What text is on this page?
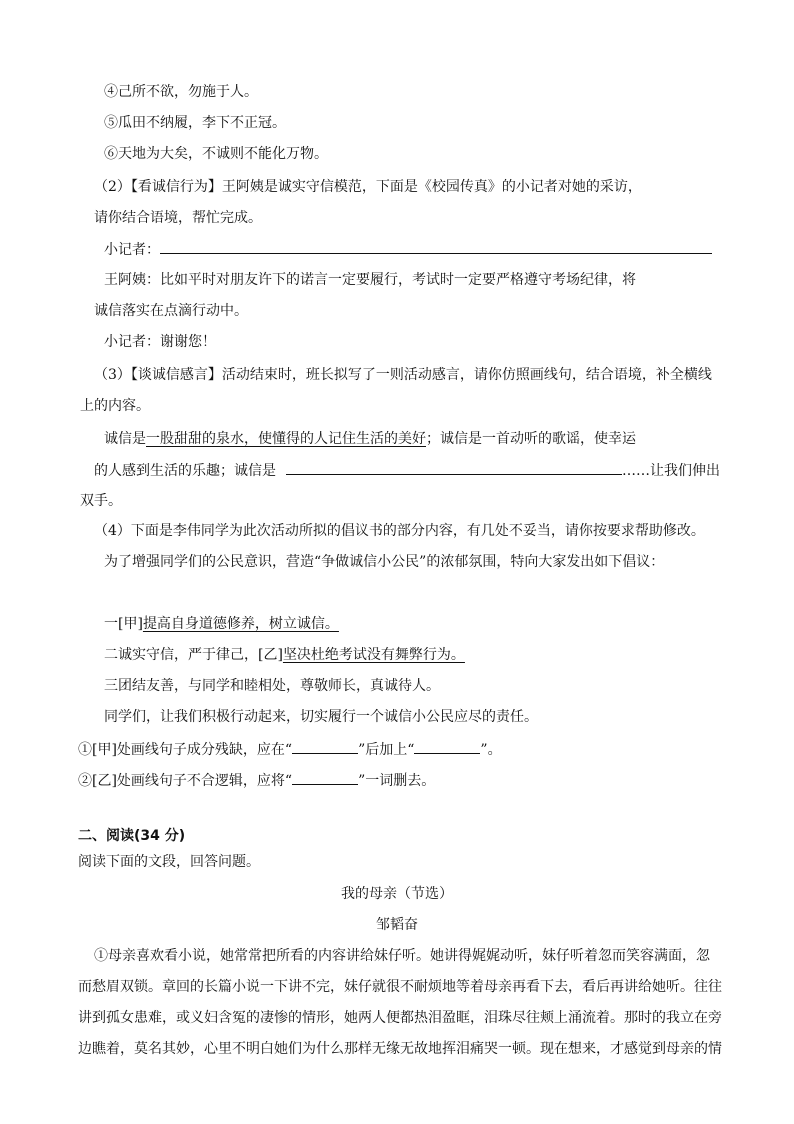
④己所不欲，勿施于人。
⑤瓜田不纳履，李下不正冠。
⑥天地为大矣，不诚则不能化万物。
（2）【看诚信行为】王阿姨是诚实守信模范，下面是《校园传真》的小记者对她的采访，
请你结合语境，帮忙完成。
小记者：
王阿姨：比如平时对朋友许下的诺言一定要履行，考试时一定要严格遵守考场纪律，将
诚信落实在点滴行动中。
小记者：谢谢您！
（3）【谈诚信感言】活动结束时，班长拟写了一则活动感言，请你仿照画线句，结合语境，补全横线
上的内容。
诚信是一股甜甜的泉水，使懂得的人记住生活的美好；诚信是一首动听的歌谣，使幸运
的人感到生活的乐趣；诚信是	……让我们伸出
双手。
（4）下面是李伟同学为此次活动所拟的倡议书的部分内容，有几处不妥当，请你按要求帮助修改。
为了增强同学们的公民意识，营造“争做诚信小公民”的浓郁氛围，特向大家发出如下倡议：
一[甲]提高自身道德修养，树立诚信。
二诚实守信，严于律己，[乙]坚决杜绝考试没有舞弊行为。
三团结友善，与同学和睦相处，尊敬师长，真诚待人。
同学们，让我们积极行动起来，切实履行一个诚信小公民应尽的责任。
①[甲]处画线句子成分残缺，应在“	”后加上“	”。
②[乙]处画线句子不合逻辑，应将“	”一词删去。
二、阅读(34 分)
阅读下面的文段，回答问题。
我的母亲（节选）
邹韬奋
①母亲喜欢看小说，她常常把所看的内容讲给妹仔听。她讲得娓娓动听，妹仔听着忽而笑容满面，忽
而愁眉双锁。章回的长篇小说一下讲不完，妹仔就很不耐烦地等着母亲再看下去，看后再讲给她听。往往
讲到孤女患难，或义妇含冤的凄惨的情形，她两人便都热泪盈眶，泪珠尽往颊上涌流着。那时的我立在旁
边瞧着，莫名其妙，心里不明白她们为什么那样无缘无故地挥泪痛哭一顿。现在想来，才感觉到母亲的情
